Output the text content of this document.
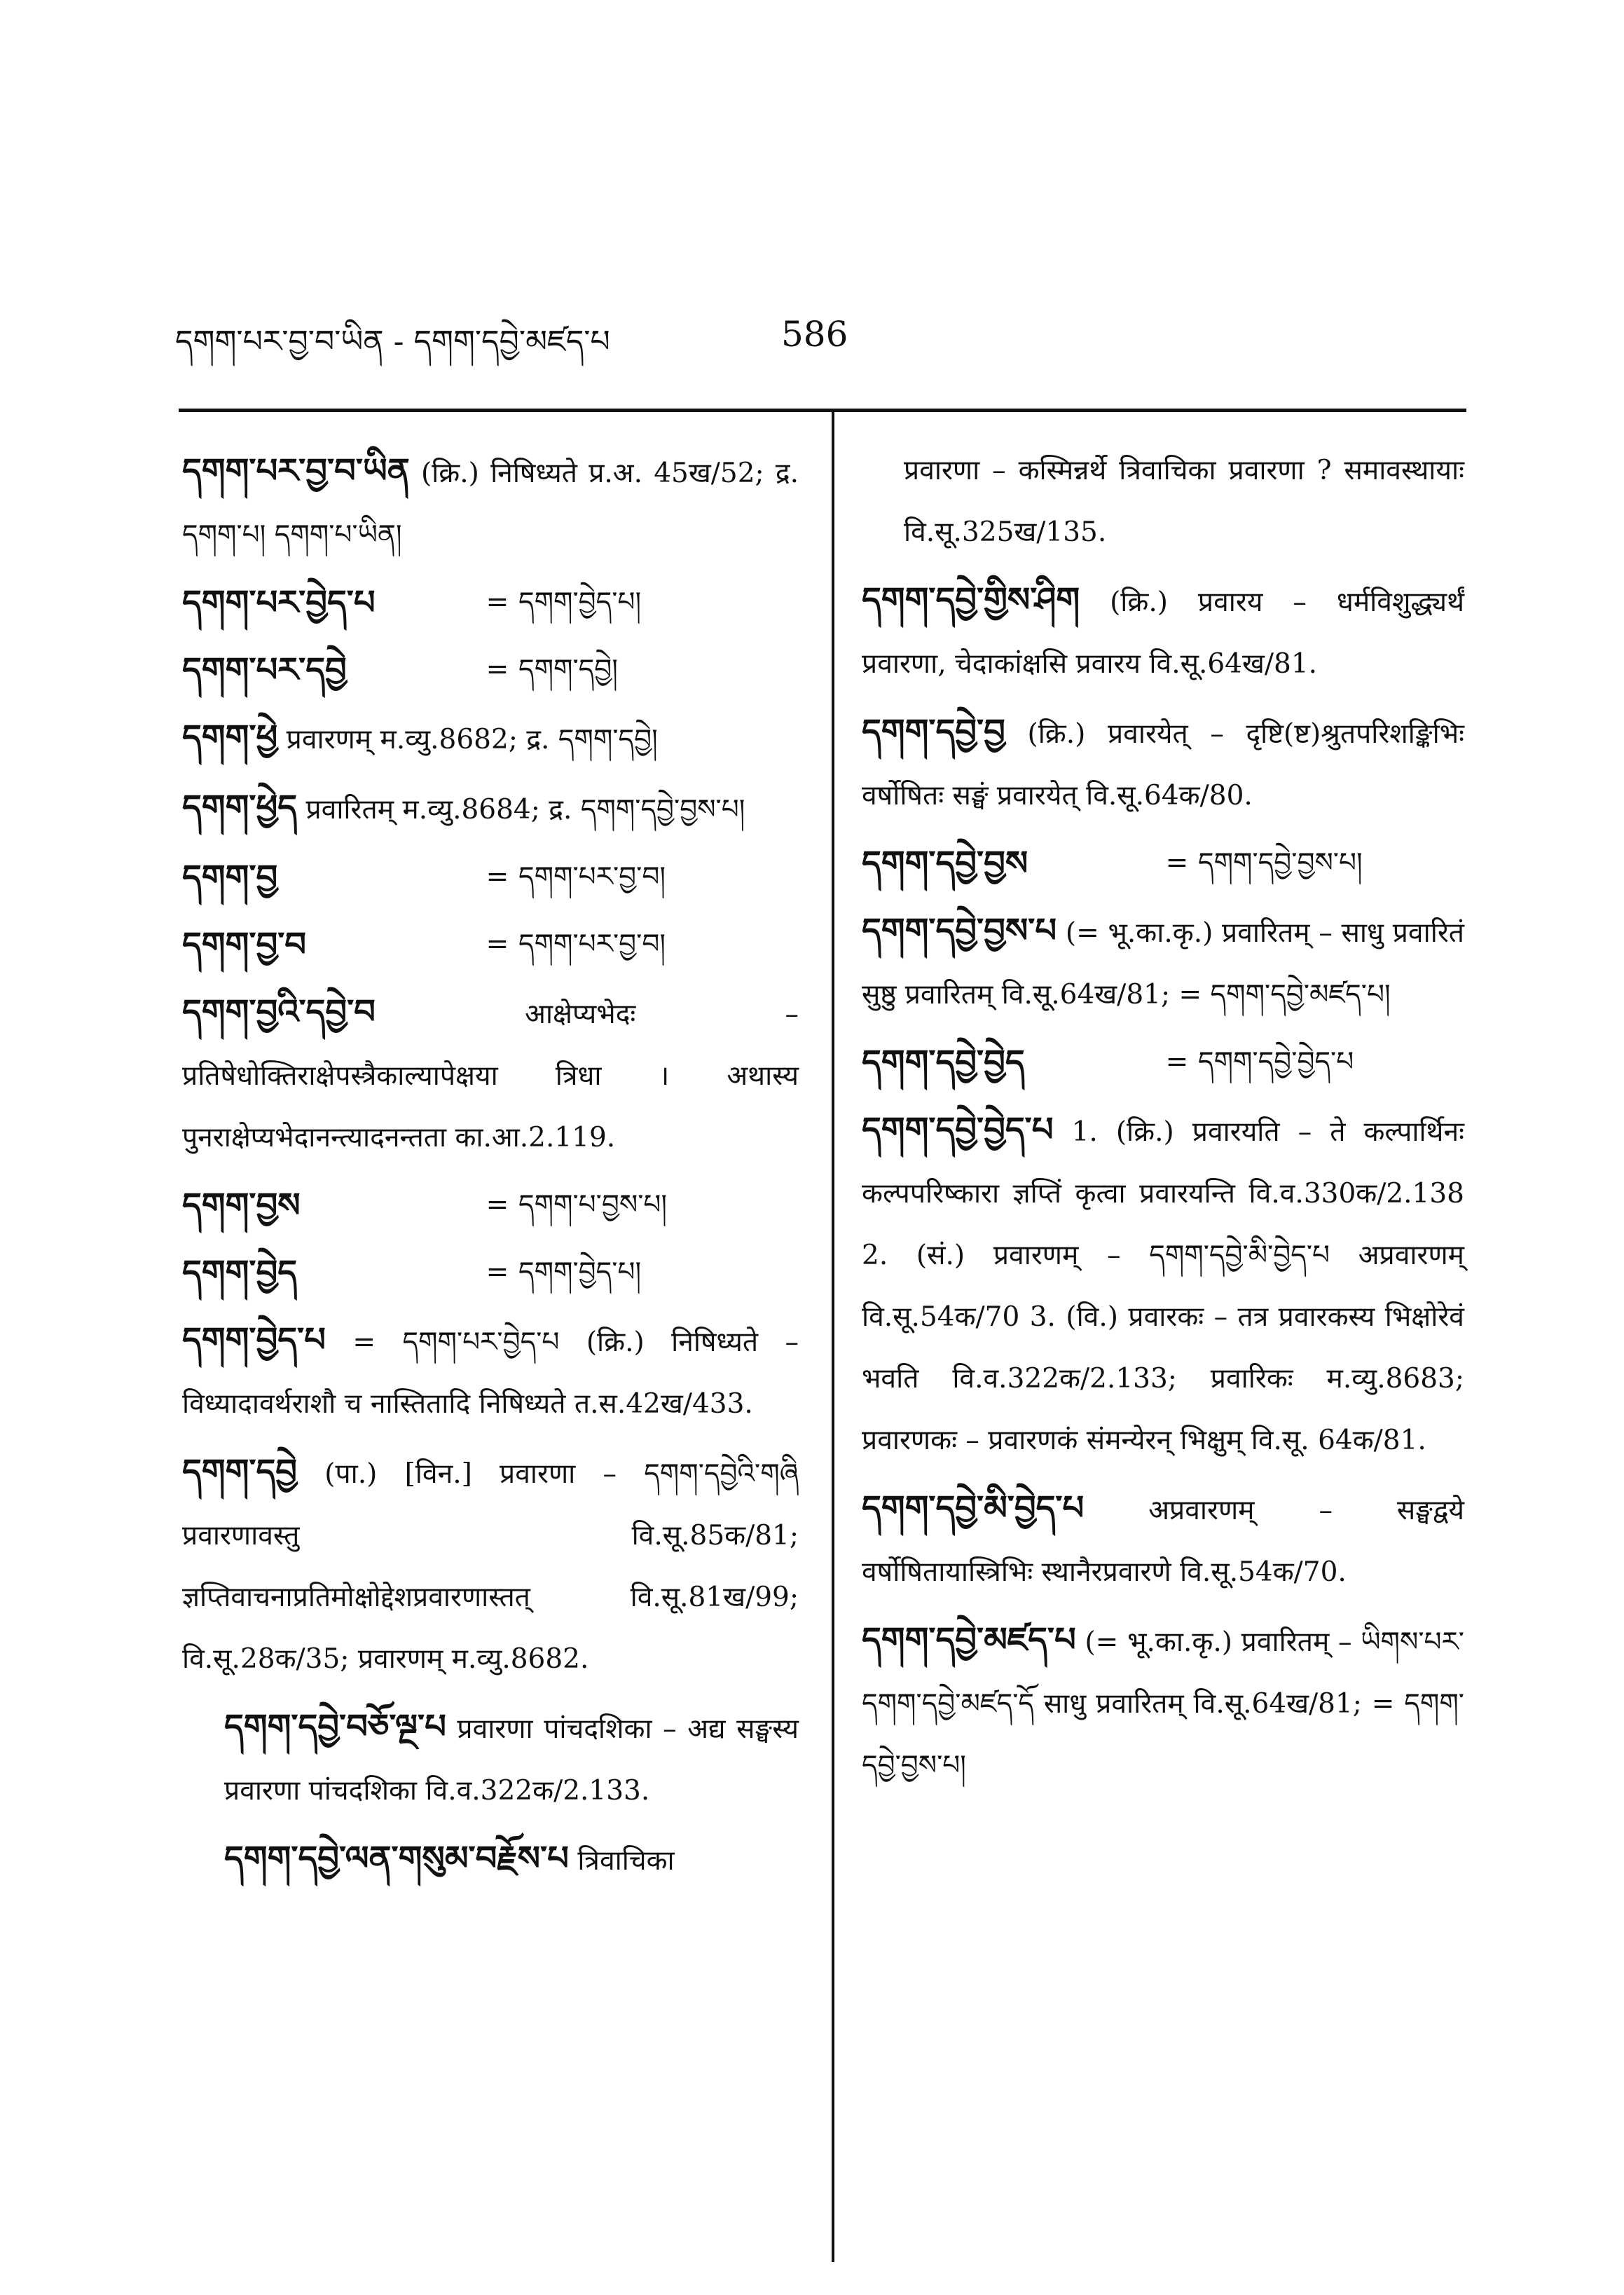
དགག་པར་བྱ་བ་ཡིན - དགག་དབྱེ་མཛད་པ	586

དགག་པར་བྱ་བ་ཡིན (क्रि.) निषिध्यते प्र.अ. 45ख/52; द्र. དགག་པ། དགག་པ་ཡིན།

དགག་པར་བྱེད་པ	= དགག་བྱེད་པ།
དགག་པར་དབྱེ	= དགག་དབྱེ།

དགག་ཕྱེ प्रवारणम् म.व्यु.8682; द्र. དགག་དབྱེ།

དགག་ཕྱེད प्रवारितम् म.व्यु.8684; द्र. དགག་དབྱེ་བྱས་པ།

དགག་བྱ	= དགག་པར་བྱ་བ།
དགག་བྱ་བ	= དགག་པར་བྱ་བ།

དགག་བྱའི་དབྱེ་བ	आक्षेप्यभेदः – प्रतिषेधोक्तिराक्षेपस्त्रैकाल्यापेक्षया त्रिधा । अथास्य पुनराक्षेप्यभेदानन्त्यादनन्तता का.आ.2.119.

དགག་བྱས	= དགག་པ་བྱས་པ།
དགག་བྱེད	= དགག་བྱེད་པ།

དགག་བྱེད་པ = དགག་པར་བྱེད་པ (क्रि.) निषिध्यते – विध्यादावर्थराशौ च नास्तितादि निषिध्यते त.स.42ख/433.

དགག་དབྱེ (पा.) [विन.] प्रवारणा – དགག་དབྱེའི་གཞི प्रवारणावस्तु वि.सू.85क/81; ज्ञप्तिवाचनाप्रतिमोक्षोद्देशप्रवारणास्तत् वि.सू.81ख/99; वि.सू.28क/35; प्रवारणम् म.व्यु.8682.

དགག་དབྱེ་བཅོ་ལྔ་པ प्रवारणा पांचदशिका – अद्य सङ्घस्य प्रवारणा पांचदशिका वि.व.322क/2.133.

དགག་དབྱེ་ལན་གསུམ་བརྗོས་པ त्रिवाचिका

प्रवारणा – कस्मिन्नर्थे त्रिवाचिका प्रवारणा ? समावस्थायाः वि.सू.325ख/135.

དགག་དབྱེ་གྱིས་ཤིག (क्रि.) प्रवारय – धर्मविशुद्ध्यर्थं प्रवारणा, चेदाकांक्षसि प्रवारय वि.सू.64ख/81.

དགག་དབྱེ་བྱ (क्रि.) प्रवारयेत् – दृष्टि(ष्ट)श्रुतपरिशङ्किभिः वर्षोषितः सङ्घं प्रवारयेत् वि.सू.64क/80.

དགག་དབྱེ་བྱས	= དགག་དབྱེ་བྱས་པ།

དགག་དབྱེ་བྱས་པ (= भू.का.कृ.) प्रवारितम् – साधु प्रवारितं सुष्ठु प्रवारितम् वि.सू.64ख/81; = དགག་དབྱེ་མཛད་པ།

དགག་དབྱེ་བྱེད	= དགག་དབྱེ་བྱེད་པ

དགག་དབྱེ་བྱེད་པ 1. (क्रि.) प्रवारयति – ते कल्पार्थिनः कल्पपरिष्कारा ज्ञप्तिं कृत्वा प्रवारयन्ति वि.व.330क/2.138 2. (सं.) प्रवारणम् – དགག་དབྱེ་མི་བྱེད་པ अप्रवारणम् वि.सू.54क/70 3. (वि.) प्रवारकः – तत्र प्रवारकस्य भिक्षोरेवं भवति वि.व.322क/2.133; प्रवारिकः म.व्यु.8683; प्रवारणकः – प्रवारणकं संमन्येरन् भिक्षुम् वि.सू. 64क/81.

དགག་དབྱེ་མི་བྱེད་པ अप्रवारणम् – सङ्घद्वये वर्षोषितायास्त्रिभिः स्थानैरप्रवारणे वि.सू.54क/70.

དགག་དབྱེ་མཛད་པ (= भू.का.कृ.) प्रवारितम् – ཡིགས་པར་དགག་དབྱེ་མཛད་དོ साधु प्रवारितम् वि.सू.64ख/81; = དགག་དབྱེ་བྱས་པ།
